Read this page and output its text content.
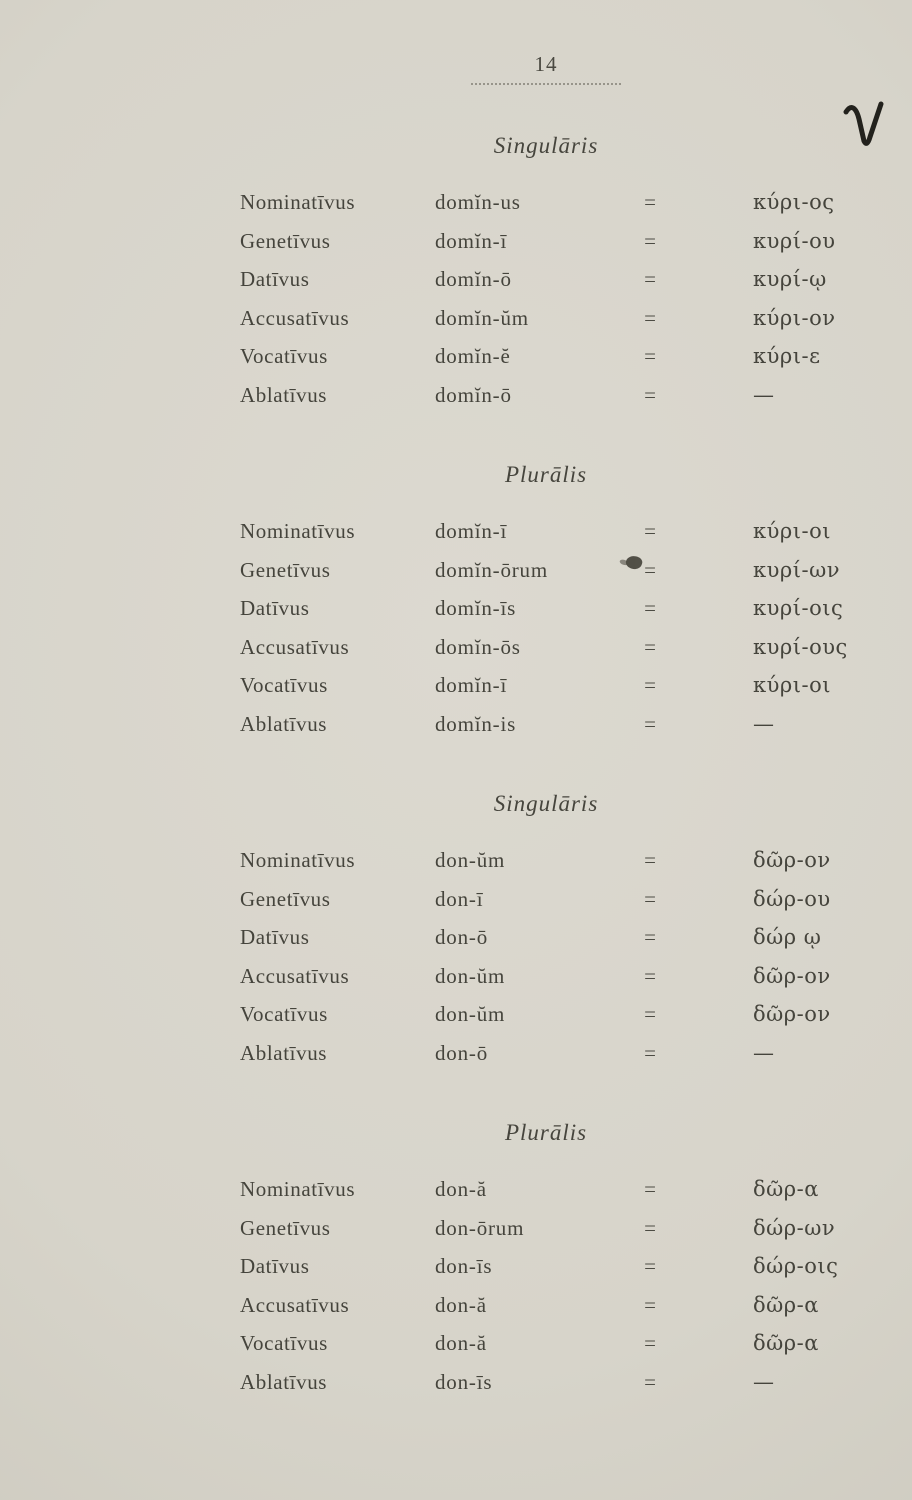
14
Singulāris
Nominatīvus	domĭn-us	=	κύρι-ος
Genetīvus	domĭn-ī	=	κυρί-ου
Datīvus	domĭn-ō	=	κυρί-ῳ
Accusatīvus	domĭn-ŭm	=	κύρι-ον
Vocatīvus	domĭn-ĕ	=	κύρι-ε
Ablatīvus	domĭn-ō	=	—
Plurālis
Nominatīvus	domĭn-ī	=	κύρι-οι
Genetīvus	domĭn-ōrum	=	κυρί-ων
Datīvus	domĭn-īs	=	κυρί-οις
Accusatīvus	domĭn-ōs	=	κυρί-ους
Vocatīvus	domĭn-ī	=	κύρι-οι
Ablatīvus	domĭn-is	=	—
Singulāris
Nominatīvus	don-ŭm	=	δῶρ-ον
Genetīvus	don-ī	=	δώρ-ου
Datīvus	don-ō	=	δώρ ῳ
Accusatīvus	don-ŭm	=	δῶρ-ον
Vocatīvus	don-ŭm	=	δῶρ-ον
Ablatīvus	don-ō	=	—
Plurālis
Nominatīvus	don-ă	=	δῶρ-α
Genetīvus	don-ōrum	=	δώρ-ων
Datīvus	don-īs	=	δώρ-οις
Accusatīvus	don-ă	=	δῶρ-α
Vocatīvus	don-ă	=	δῶρ-α
Ablatīvus	don-īs	=	—
